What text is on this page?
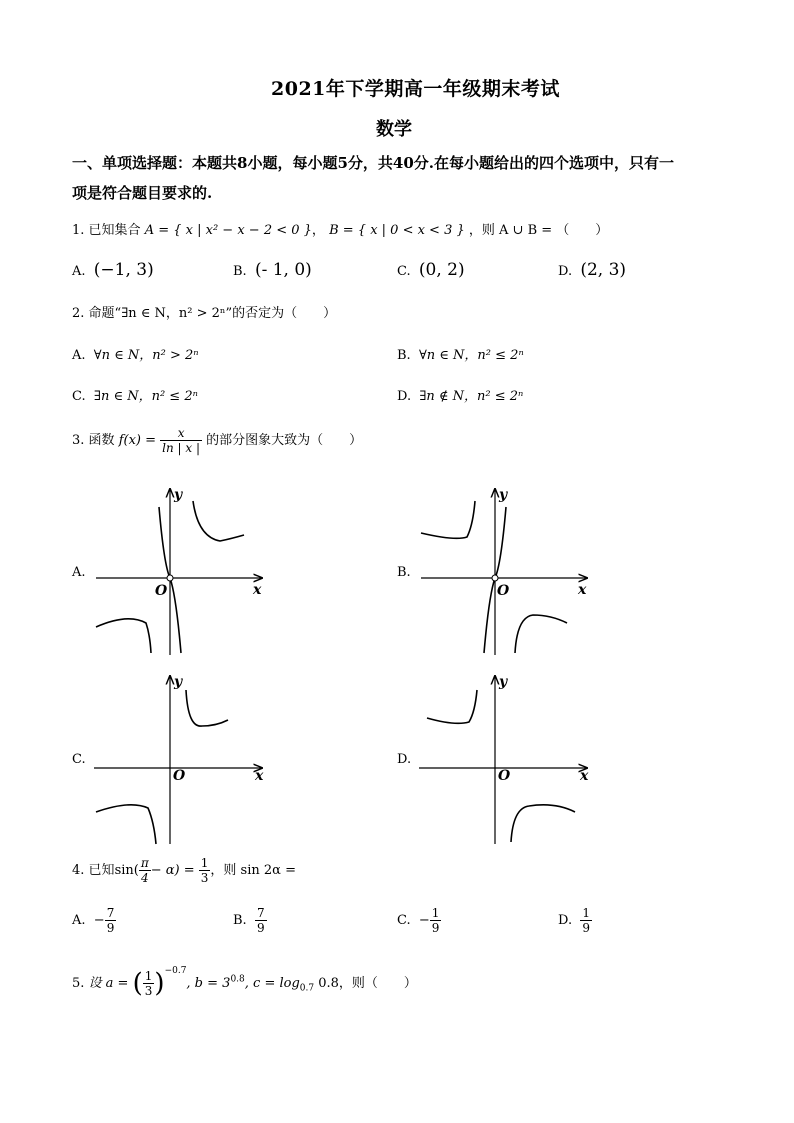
2021年下学期高一年级期末考试
数学
一、单项选择题：本题共8小题，每小题5分，共40分.在每小题给出的四个选项中，只有一
项是符合题目要求的.
1. 已知集合 A = { x | x² − x − 2 < 0 }， B = { x | 0 < x < 3 } ，则 A ∪ B = （　　）
A. (−1, 3)	B. (- 1, 0)	C. (0, 2)	D. (2, 3)
2. 命题“∃n ∈ N，n² > 2ⁿ”的否定为（　　）
A. ∀n ∈ N，n² > 2ⁿ	B. ∀n ∈ N，n² ≤ 2ⁿ
C. ∃n ∈ N，n² ≤ 2ⁿ	D. ∃n ∉ N，n² ≤ 2ⁿ
3. 函数 $f(x) = \frac{x}{\ln | x |}$ 的部分图象大致为（　　）
A.	B.
C.	D.
y
x
O
y
x
O
y
x
O
y
x
O
4. 已知$\sin( \frac{\pi}{4} - \alpha) = \frac{1}{3}$ ，则 sin 2α =
A. − $\frac{7}{9}$	B. $\frac{7}{9}$	C. − $\frac{1}{9}$	D. $\frac{1}{9}$
5. 设 a = ( $\frac{1}{3} )^{-0.7}$, $b = 3^{0.8}$, $c = \log_{0.7} 0.8$，则（　　）
